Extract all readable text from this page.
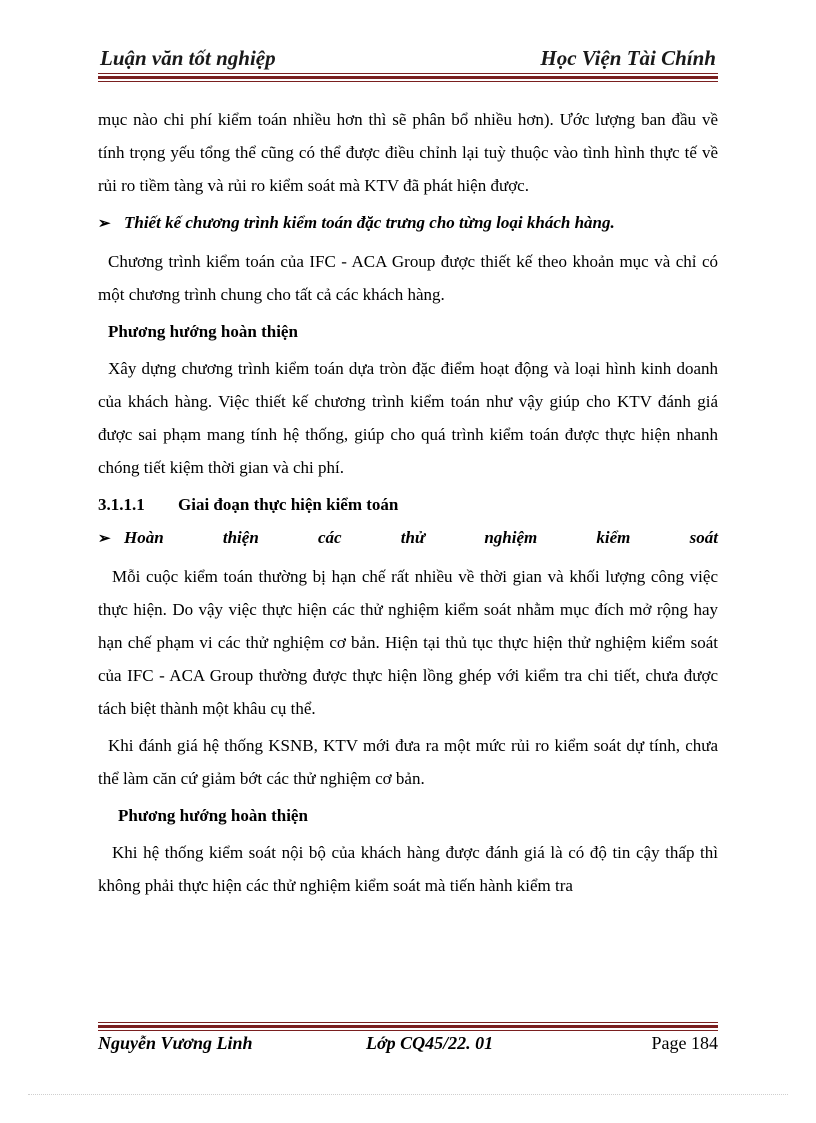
Luận văn tốt nghiệp	Học Viện Tài Chính

mục nào chi phí kiểm toán nhiều hơn thì sẽ phân bổ nhiều hơn). Ước lượng ban đầu về tính trọng yếu tổng thể cũng có thể được điều chỉnh lại tuỳ thuộc vào tình hình thực tế về rủi ro tiềm tàng và rủi ro kiểm soát mà KTV đã phát hiện được.

➢ Thiết kế chương trình kiểm toán đặc trưng cho từng loại khách hàng.

Chương trình kiểm toán của IFC - ACA Group được thiết kế theo khoản mục và chỉ có một chương trình chung cho tất cả các khách hàng.

Phương hướng hoàn thiện

Xây dựng chương trình kiểm toán dựa tròn đặc điểm hoạt động và loại hình kinh doanh của khách hàng. Việc thiết kế chương trình kiểm toán như vậy giúp cho KTV đánh giá được sai phạm mang tính hệ thống, giúp cho quá trình kiểm toán được thực hiện nhanh chóng tiết kiệm thời gian và chi phí.

3.1.1.1	Giai đoạn thực hiện kiểm toán

➢ Hoàn	thiện	các	thử	nghiệm	kiểm	soát

Mỗi cuộc kiểm toán thường bị hạn chế rất nhiều về thời gian và khối lượng công việc thực hiện. Do vậy việc thực hiện các thử nghiệm kiểm soát nhằm mục đích mở rộng hay hạn chế phạm vi các thử nghiệm cơ bản. Hiện tại thủ tục thực hiện thử nghiệm kiểm soát của IFC - ACA Group thường được thực hiện lồng ghép với kiểm tra chi tiết, chưa được tách biệt thành một khâu cụ thể.

Khi đánh giá hệ thống KSNB, KTV mới đưa ra một mức rủi ro kiểm soát dự tính, chưa thể làm căn cứ giảm bớt các thử nghiệm cơ bản.

Phương hướng hoàn thiện

Khi hệ thống kiểm soát nội bộ của khách hàng được đánh giá là có độ tin cậy thấp thì không phải thực hiện các thử nghiệm kiểm soát mà tiến hành kiểm tra

Nguyễn Vương Linh	Lớp CQ45/22. 01	Page 184
